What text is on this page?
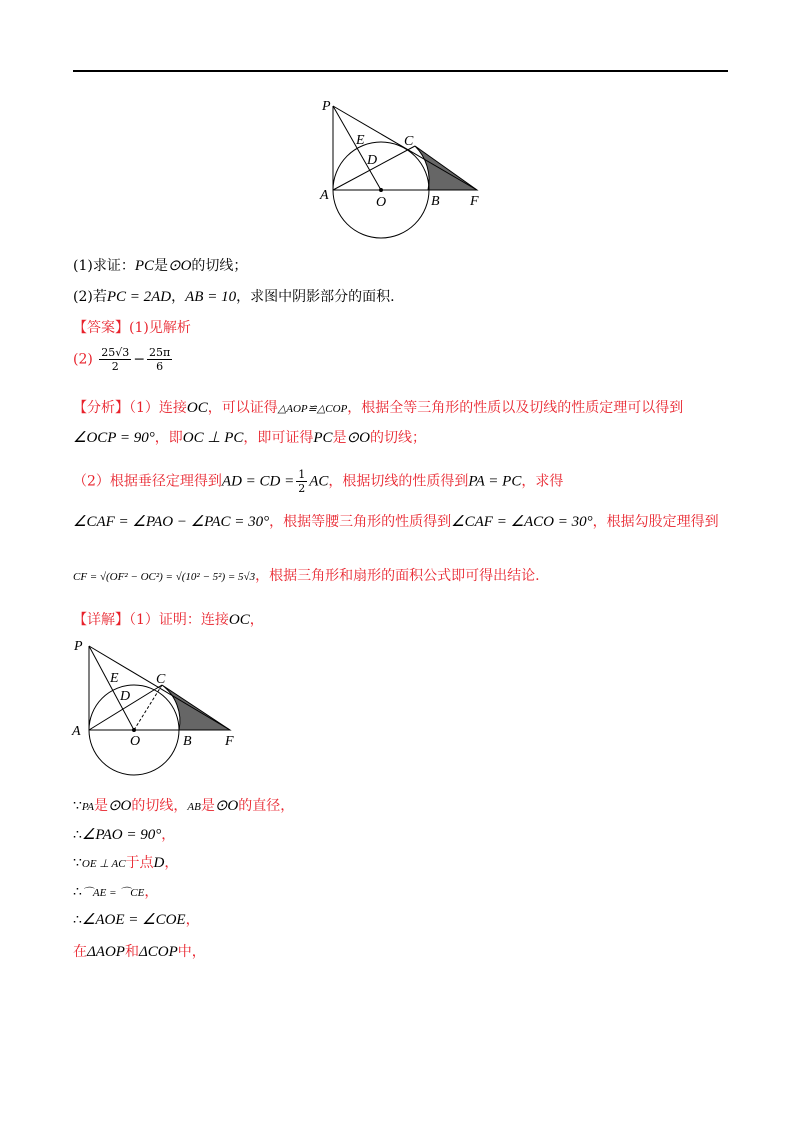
P
E	C
D
A	O	B F
(1)求证：PC是⊙O的切线；
(2)若PC = 2AD，AB = 10，求图中阴影部分的面积.
【答案】(1)见解析
$(2) \frac{25√3}{2} - \frac{25\pi}{6}$
【分析】（1）连接OC，可以证得△AOP≌△COP，根据全等三角形的性质以及切线的性质定理可以得到
∠OCP = 90°，即OC ⊥ PC，即可证得PC是⊙O的切线；
（2）根据垂径定理得到AD = CD = $\frac{1}{2}$ AC，根据切线的性质得到PA = PC，求得
∠CAF = ∠PAO − ∠PAC = 30°，根据等腰三角形的性质得到∠CAF = ∠ACO = 30°，根据勾股定理得到
CF = √(OF² − OC²) = √(10² − 5²) = 5√3，根据三角形和扇形的面积公式即可得出结论.
【详解】（1）证明：连接OC，
P
E	C
D
A
O	B F
∵PA是⊙O的切线，AB是⊙O的直径，
∴∠PAO = 90°，
∵OE ⊥ AC于点D，
∴⌒AE = ⌒CE，
∴∠AOE = ∠COE，
在ΔAOP和ΔCOP中，
